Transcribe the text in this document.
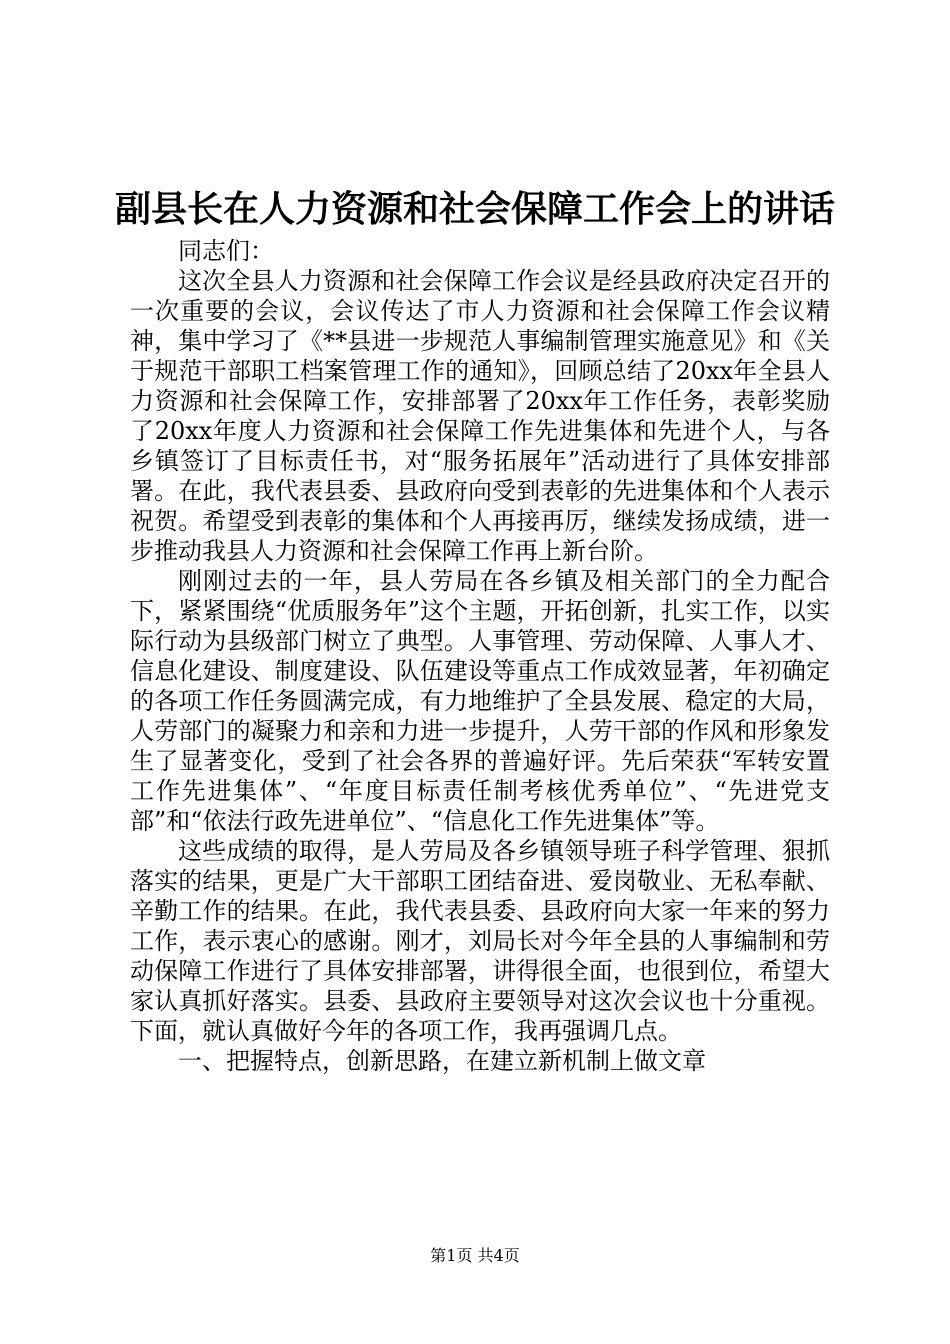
副县长在人力资源和社会保障工作会上的讲话

同志们：

这次全县人力资源和社会保障工作会议是经县政府决定召开的一次重要的会议，会议传达了市人力资源和社会保障工作会议精神，集中学习了《**县进一步规范人事编制管理实施意见》和《关于规范干部职工档案管理工作的通知》，回顾总结了20xx年全县人力资源和社会保障工作，安排部署了20xx年工作任务，表彰奖励了20xx年度人力资源和社会保障工作先进集体和先进个人，与各乡镇签订了目标责任书，对“服务拓展年”活动进行了具体安排部署。在此，我代表县委、县政府向受到表彰的先进集体和个人表示祝贺。希望受到表彰的集体和个人再接再厉，继续发扬成绩，进一步推动我县人力资源和社会保障工作再上新台阶。

刚刚过去的一年，县人劳局在各乡镇及相关部门的全力配合下，紧紧围绕“优质服务年”这个主题，开拓创新，扎实工作，以实际行动为县级部门树立了典型。人事管理、劳动保障、人事人才、信息化建设、制度建设、队伍建设等重点工作成效显著，年初确定的各项工作任务圆满完成，有力地维护了全县发展、稳定的大局，人劳部门的凝聚力和亲和力进一步提升，人劳干部的作风和形象发生了显著变化，受到了社会各界的普遍好评。先后荣获“军转安置工作先进集体”、“年度目标责任制考核优秀单位”、“先进党支部”和“依法行政先进单位”、“信息化工作先进集体”等。

这些成绩的取得，是人劳局及各乡镇领导班子科学管理、狠抓落实的结果，更是广大干部职工团结奋进、爱岗敬业、无私奉献、辛勤工作的结果。在此，我代表县委、县政府向大家一年来的努力工作，表示衷心的感谢。刚才，刘局长对今年全县的人事编制和劳动保障工作进行了具体安排部署，讲得很全面，也很到位，希望大家认真抓好落实。县委、县政府主要领导对这次会议也十分重视。下面，就认真做好今年的各项工作，我再强调几点。

一、把握特点，创新思路，在建立新机制上做文章

第1页 共4页
